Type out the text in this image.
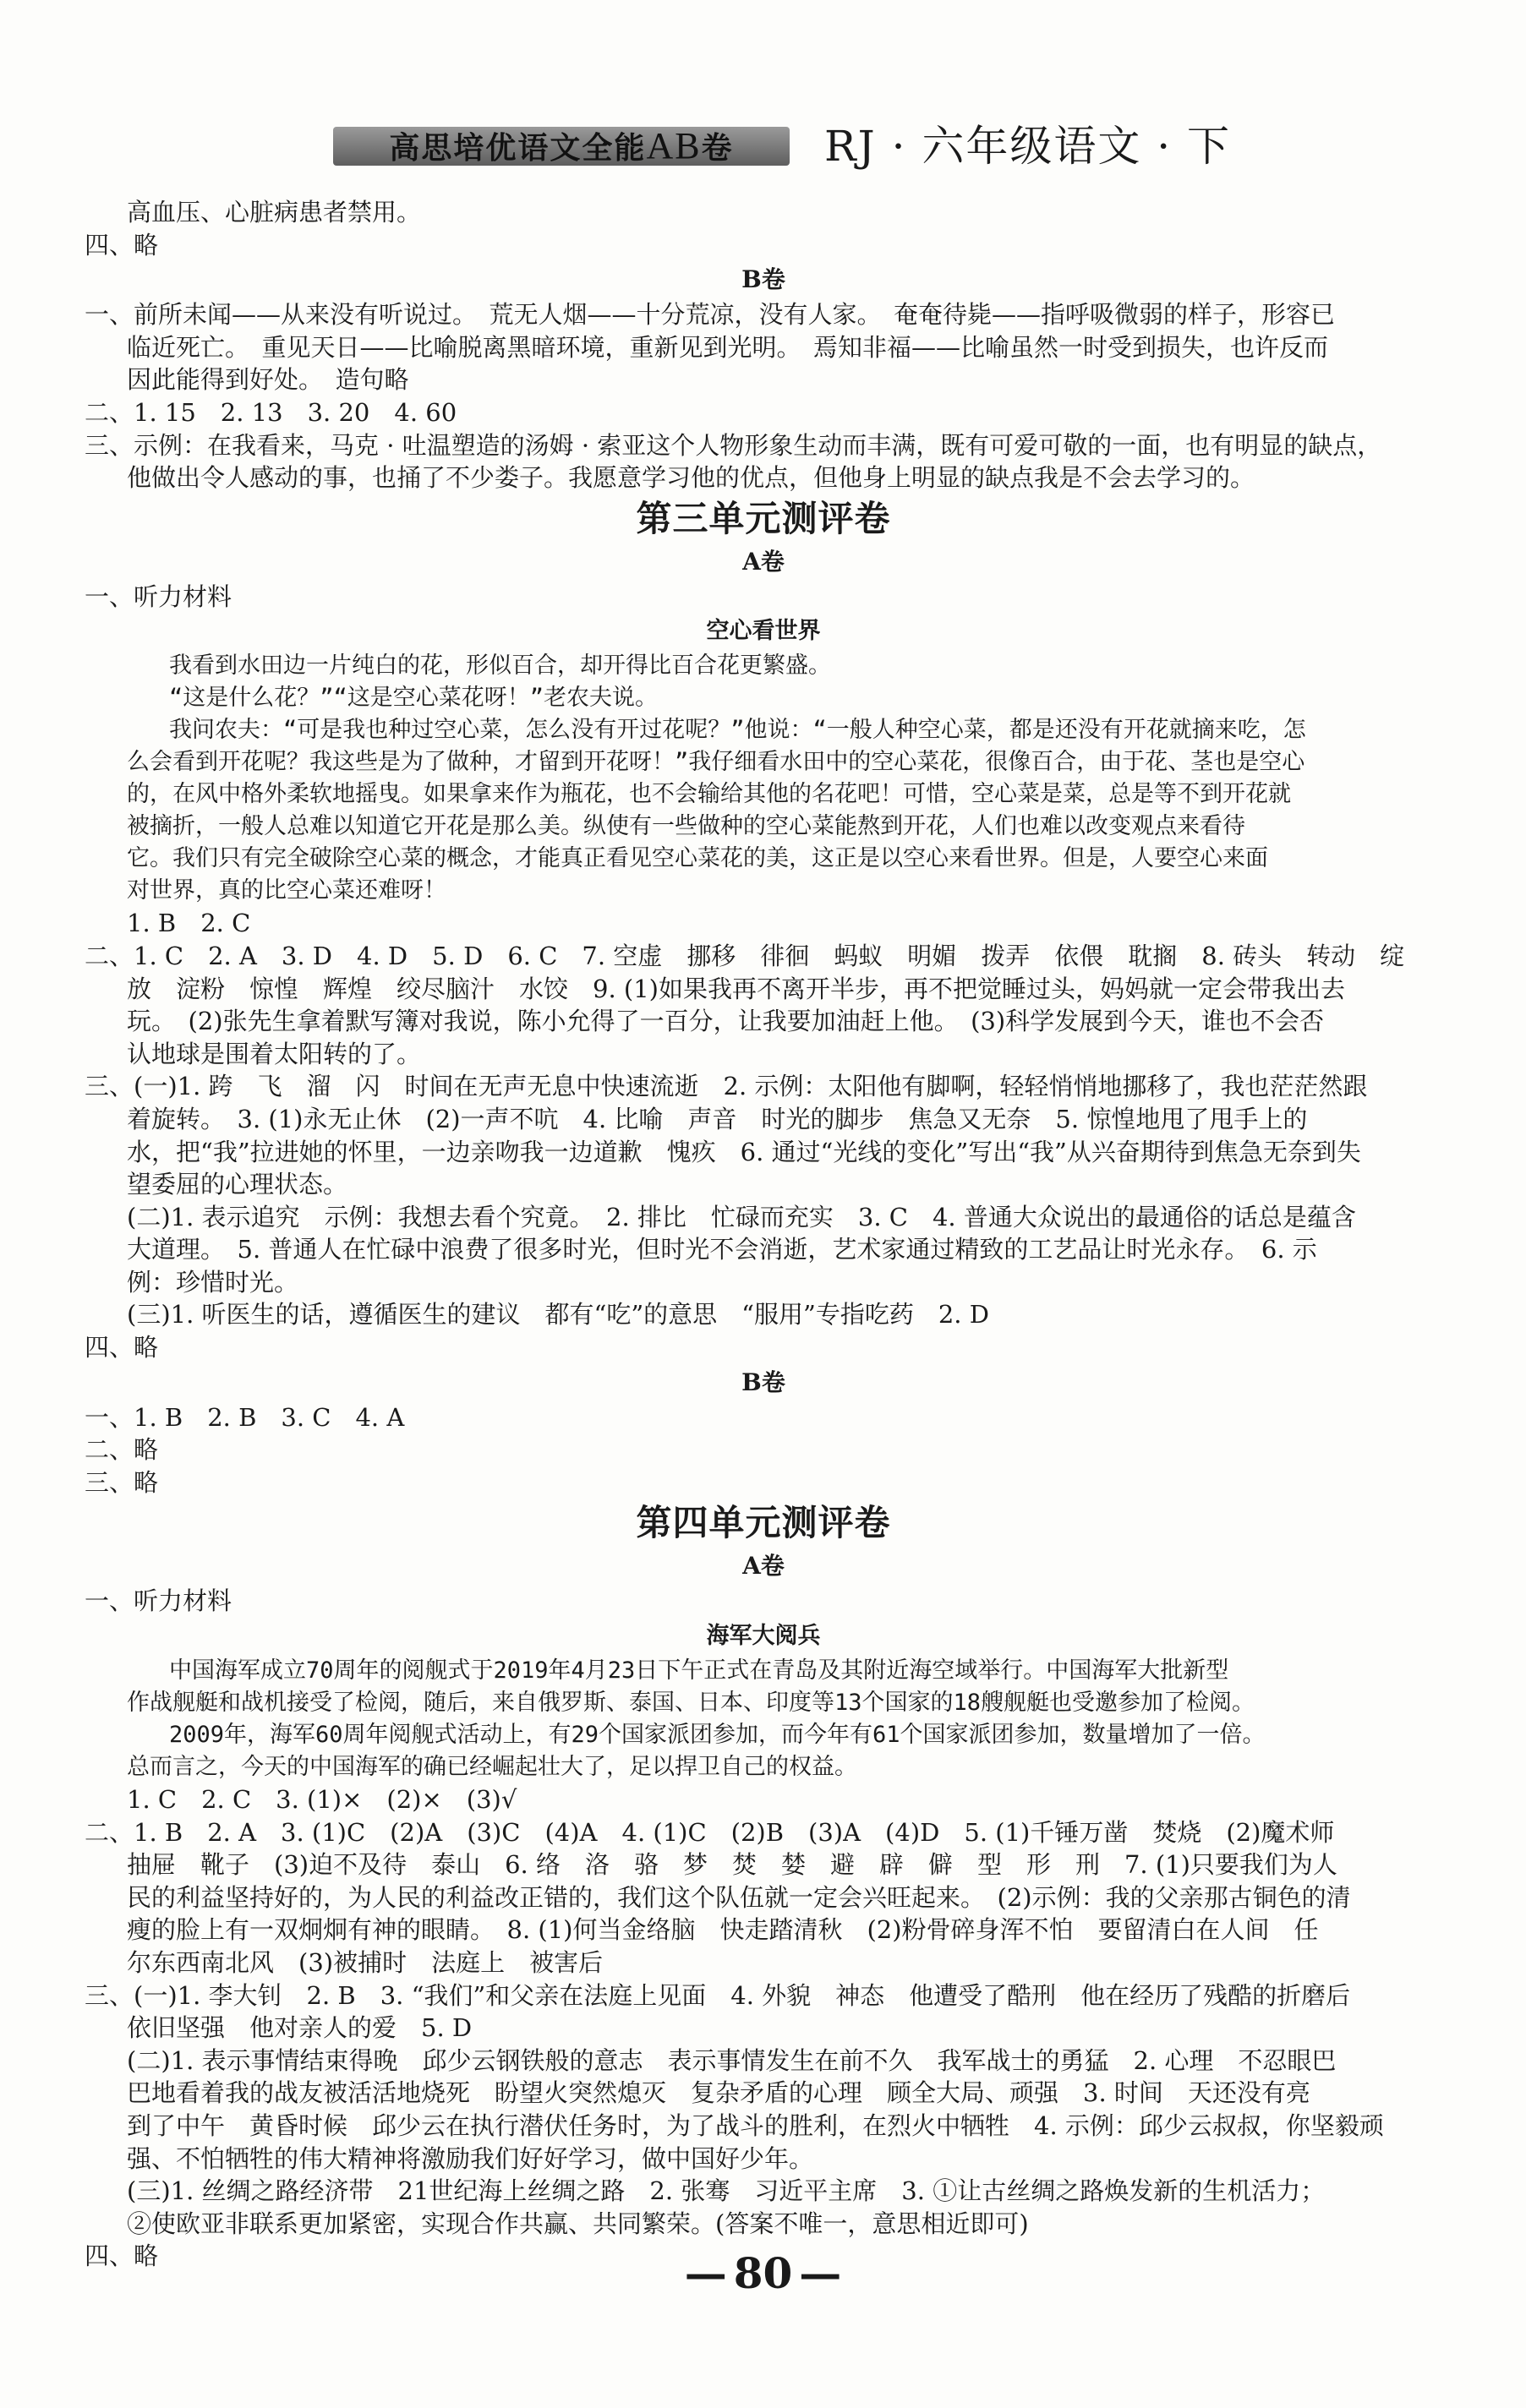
高思培优语文全能AB卷	RJ · 六年级语文 · 下
高血压、心脏病患者禁用。
四、略
B卷
一、前所未闻——从来没有听说过。　荒无人烟——十分荒凉，没有人家。　奄奄待毙——指呼吸微弱的样子，形容已
临近死亡。　重见天日——比喻脱离黑暗环境，重新见到光明。　焉知非福——比喻虽然一时受到损失，也许反而
因此能得到好处。　造句略
二、1. 15　2. 13　3. 20　4. 60
三、示例：在我看来，马克 · 吐温塑造的汤姆 · 索亚这个人物形象生动而丰满，既有可爱可敬的一面，也有明显的缺点，
他做出令人感动的事，也捅了不少娄子。我愿意学习他的优点，但他身上明显的缺点我是不会去学习的。
第三单元测评卷
A卷
一、听力材料
空心看世界
我看到水田边一片纯白的花，形似百合，却开得比百合花更繁盛。
“这是什么花？”“这是空心菜花呀！”老农夫说。
我问农夫：“可是我也种过空心菜，怎么没有开过花呢？”他说：“一般人种空心菜，都是还没有开花就摘来吃，怎
么会看到开花呢？我这些是为了做种，才留到开花呀！”我仔细看水田中的空心菜花，很像百合，由于花、茎也是空心
的，在风中格外柔软地摇曳。如果拿来作为瓶花，也不会输给其他的名花吧！可惜，空心菜是菜，总是等不到开花就
被摘折，一般人总难以知道它开花是那么美。纵使有一些做种的空心菜能熬到开花，人们也难以改变观点来看待
它。我们只有完全破除空心菜的概念，才能真正看见空心菜花的美，这正是以空心来看世界。但是，人要空心来面
对世界，真的比空心菜还难呀！
1. B　2. C
二、1. C　2. A　3. D　4. D　5. D　6. C　7. 空虚　挪移　徘徊　蚂蚁　明媚　拨弄　依偎　耽搁　8. 砖头　转动　绽
放　淀粉　惊惶　辉煌　绞尽脑汁　水饺　9. (1)如果我再不离开半步，再不把觉睡过头，妈妈就一定会带我出去
玩。　(2)张先生拿着默写簿对我说，陈小允得了一百分，让我要加油赶上他。　(3)科学发展到今天，谁也不会否
认地球是围着太阳转的了。
三、(一)1. 跨　飞　溜　闪　时间在无声无息中快速流逝　2. 示例：太阳他有脚啊，轻轻悄悄地挪移了，我也茫茫然跟
着旋转。　3. (1)永无止休　(2)一声不吭　4. 比喻　声音　时光的脚步　焦急又无奈　5. 惊惶地甩了甩手上的
水，把“我”拉进她的怀里，一边亲吻我一边道歉　愧疚　6. 通过“光线的变化”写出“我”从兴奋期待到焦急无奈到失
望委屈的心理状态。
(二)1. 表示追究　示例：我想去看个究竟。　2. 排比　忙碌而充实　3. C　4. 普通大众说出的最通俗的话总是蕴含
大道理。　5. 普通人在忙碌中浪费了很多时光，但时光不会消逝，艺术家通过精致的工艺品让时光永存。　6. 示
例：珍惜时光。
(三)1. 听医生的话，遵循医生的建议　都有“吃”的意思　“服用”专指吃药　2. D
四、略
B卷
一、1. B　2. B　3. C　4. A
二、略
三、略
第四单元测评卷
A卷
一、听力材料
海军大阅兵
中国海军成立70周年的阅舰式于2019年4月23日下午正式在青岛及其附近海空域举行。中国海军大批新型
作战舰艇和战机接受了检阅，随后，来自俄罗斯、泰国、日本、印度等13个国家的18艘舰艇也受邀参加了检阅。
2009年，海军60周年阅舰式活动上，有29个国家派团参加，而今年有61个国家派团参加，数量增加了一倍。
总而言之，今天的中国海军的确已经崛起壮大了，足以捍卫自己的权益。
1. C　2. C　3. (1)×　(2)×　(3)√
二、1. B　2. A　3. (1)C　(2)A　(3)C　(4)A　4. (1)C　(2)B　(3)A　(4)D　5. (1)千锤万凿　焚烧　(2)魔术师
抽屉　靴子　(3)迫不及待　泰山　6. 络　洛　骆　梦　焚　婪　避　辟　僻　型　形　刑　7. (1)只要我们为人
民的利益坚持好的，为人民的利益改正错的，我们这个队伍就一定会兴旺起来。　(2)示例：我的父亲那古铜色的清
瘦的脸上有一双炯炯有神的眼睛。　8. (1)何当金络脑　快走踏清秋　(2)粉骨碎身浑不怕　要留清白在人间　任
尔东西南北风　(3)被捕时　法庭上　被害后
三、(一)1. 李大钊　2. B　3. “我们”和父亲在法庭上见面　4. 外貌　神态　他遭受了酷刑　他在经历了残酷的折磨后
依旧坚强　他对亲人的爱　5. D
(二)1. 表示事情结束得晚　邱少云钢铁般的意志　表示事情发生在前不久　我军战士的勇猛　2. 心理　不忍眼巴
巴地看着我的战友被活活地烧死　盼望火突然熄灭　复杂矛盾的心理　顾全大局、顽强　3. 时间　天还没有亮
到了中午　黄昏时候　邱少云在执行潜伏任务时，为了战斗的胜利，在烈火中牺牲　4. 示例：邱少云叔叔，你坚毅顽
强、不怕牺牲的伟大精神将激励我们好好学习，做中国好少年。
(三)1. 丝绸之路经济带　21世纪海上丝绸之路　2. 张骞　习近平主席　3. ①让古丝绸之路焕发新的生机活力；
②使欧亚非联系更加紧密，实现合作共赢、共同繁荣。(答案不唯一，意思相近即可)
四、略	— 80 —
